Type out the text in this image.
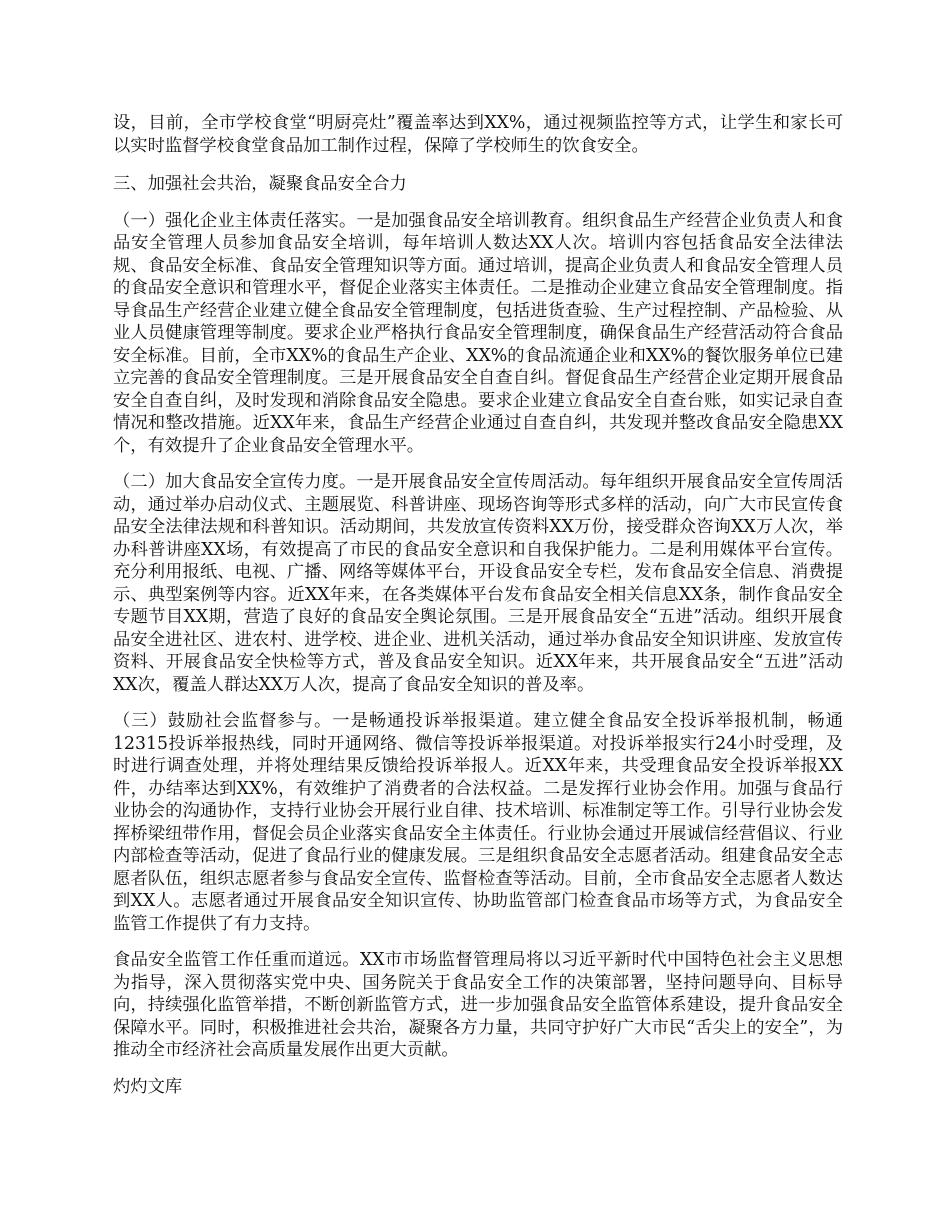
设，目前，全市学校食堂“明厨亮灶”覆盖率达到XX%，通过视频监控等方式，让学生和家长可以实时监督学校食堂食品加工制作过程，保障了学校师生的饮食安全。

三、加强社会共治，凝聚食品安全合力

（一）强化企业主体责任落实。一是加强食品安全培训教育。组织食品生产经营企业负责人和食品安全管理人员参加食品安全培训，每年培训人数达XX人次。培训内容包括食品安全法律法规、食品安全标准、食品安全管理知识等方面。通过培训，提高企业负责人和食品安全管理人员的食品安全意识和管理水平，督促企业落实主体责任。二是推动企业建立食品安全管理制度。指导食品生产经营企业建立健全食品安全管理制度，包括进货查验、生产过程控制、产品检验、从业人员健康管理等制度。要求企业严格执行食品安全管理制度，确保食品生产经营活动符合食品安全标准。目前，全市XX%的食品生产企业、XX%的食品流通企业和XX%的餐饮服务单位已建立完善的食品安全管理制度。三是开展食品安全自查自纠。督促食品生产经营企业定期开展食品安全自查自纠，及时发现和消除食品安全隐患。要求企业建立食品安全自查台账，如实记录自查情况和整改措施。近XX年来，食品生产经营企业通过自查自纠，共发现并整改食品安全隐患XX个，有效提升了企业食品安全管理水平。

（二）加大食品安全宣传力度。一是开展食品安全宣传周活动。每年组织开展食品安全宣传周活动，通过举办启动仪式、主题展览、科普讲座、现场咨询等形式多样的活动，向广大市民宣传食品安全法律法规和科普知识。活动期间，共发放宣传资料XX万份，接受群众咨询XX万人次，举办科普讲座XX场，有效提高了市民的食品安全意识和自我保护能力。二是利用媒体平台宣传。充分利用报纸、电视、广播、网络等媒体平台，开设食品安全专栏，发布食品安全信息、消费提示、典型案例等内容。近XX年来，在各类媒体平台发布食品安全相关信息XX条，制作食品安全专题节目XX期，营造了良好的食品安全舆论氛围。三是开展食品安全“五进”活动。组织开展食品安全进社区、进农村、进学校、进企业、进机关活动，通过举办食品安全知识讲座、发放宣传资料、开展食品安全快检等方式，普及食品安全知识。近XX年来，共开展食品安全“五进”活动XX次，覆盖人群达XX万人次，提高了食品安全知识的普及率。

（三）鼓励社会监督参与。一是畅通投诉举报渠道。建立健全食品安全投诉举报机制，畅通12315投诉举报热线，同时开通网络、微信等投诉举报渠道。对投诉举报实行24小时受理，及时进行调查处理，并将处理结果反馈给投诉举报人。近XX年来，共受理食品安全投诉举报XX件，办结率达到XX%，有效维护了消费者的合法权益。二是发挥行业协会作用。加强与食品行业协会的沟通协作，支持行业协会开展行业自律、技术培训、标准制定等工作。引导行业协会发挥桥梁纽带作用，督促会员企业落实食品安全主体责任。行业协会通过开展诚信经营倡议、行业内部检查等活动，促进了食品行业的健康发展。三是组织食品安全志愿者活动。组建食品安全志愿者队伍，组织志愿者参与食品安全宣传、监督检查等活动。目前，全市食品安全志愿者人数达到XX人。志愿者通过开展食品安全知识宣传、协助监管部门检查食品市场等方式，为食品安全监管工作提供了有力支持。

食品安全监管工作任重而道远。XX市市场监督管理局将以习近平新时代中国特色社会主义思想为指导，深入贯彻落实党中央、国务院关于食品安全工作的决策部署，坚持问题导向、目标导向，持续强化监管举措，不断创新监管方式，进一步加强食品安全监管体系建设，提升食品安全保障水平。同时，积极推进社会共治，凝聚各方力量，共同守护好广大市民“舌尖上的安全”，为推动全市经济社会高质量发展作出更大贡献。

灼灼文库
